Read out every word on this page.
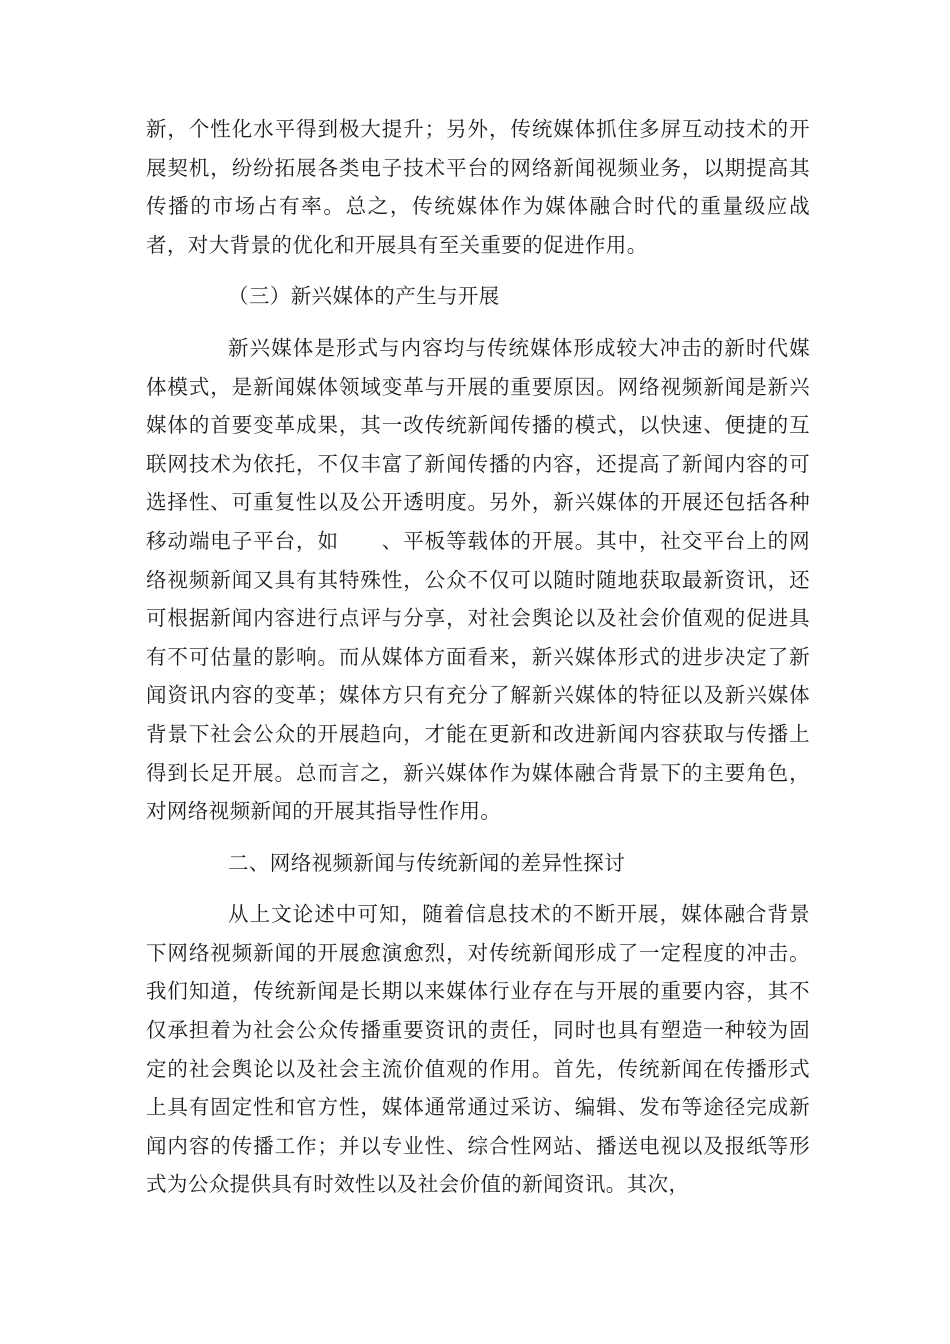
新，个性化水平得到极大提升；另外，传统媒体抓住多屏互动技术的开展契机，纷纷拓展各类电子技术平台的网络新闻视频业务，以期提高其传播的市场占有率。总之，传统媒体作为媒体融合时代的重量级应战者，对大背景的优化和开展具有至关重要的促进作用。

（三）新兴媒体的产生与开展

新兴媒体是形式与内容均与传统媒体形成较大冲击的新时代媒体模式，是新闻媒体领域变革与开展的重要原因。网络视频新闻是新兴媒体的首要变革成果，其一改传统新闻传播的模式，以快速、便捷的互联网技术为依托，不仅丰富了新闻传播的内容，还提高了新闻内容的可选择性、可重复性以及公开透明度。另外，新兴媒体的开展还包括各种移动端电子平台，如　　、平板等载体的开展。其中，社交平台上的网络视频新闻又具有其特殊性，公众不仅可以随时随地获取最新资讯，还可根据新闻内容进行点评与分享，对社会舆论以及社会价值观的促进具有不可估量的影响。而从媒体方面看来，新兴媒体形式的进步决定了新闻资讯内容的变革；媒体方只有充分了解新兴媒体的特征以及新兴媒体背景下社会公众的开展趋向，才能在更新和改进新闻内容获取与传播上得到长足开展。总而言之，新兴媒体作为媒体融合背景下的主要角色，对网络视频新闻的开展其指导性作用。

二、网络视频新闻与传统新闻的差异性探讨

从上文论述中可知，随着信息技术的不断开展，媒体融合背景下网络视频新闻的开展愈演愈烈，对传统新闻形成了一定程度的冲击。我们知道，传统新闻是长期以来媒体行业存在与开展的重要内容，其不仅承担着为社会公众传播重要资讯的责任，同时也具有塑造一种较为固定的社会舆论以及社会主流价值观的作用。首先，传统新闻在传播形式上具有固定性和官方性，媒体通常通过采访、编辑、发布等途径完成新闻内容的传播工作；并以专业性、综合性网站、播送电视以及报纸等形式为公众提供具有时效性以及社会价值的新闻资讯。其次，
